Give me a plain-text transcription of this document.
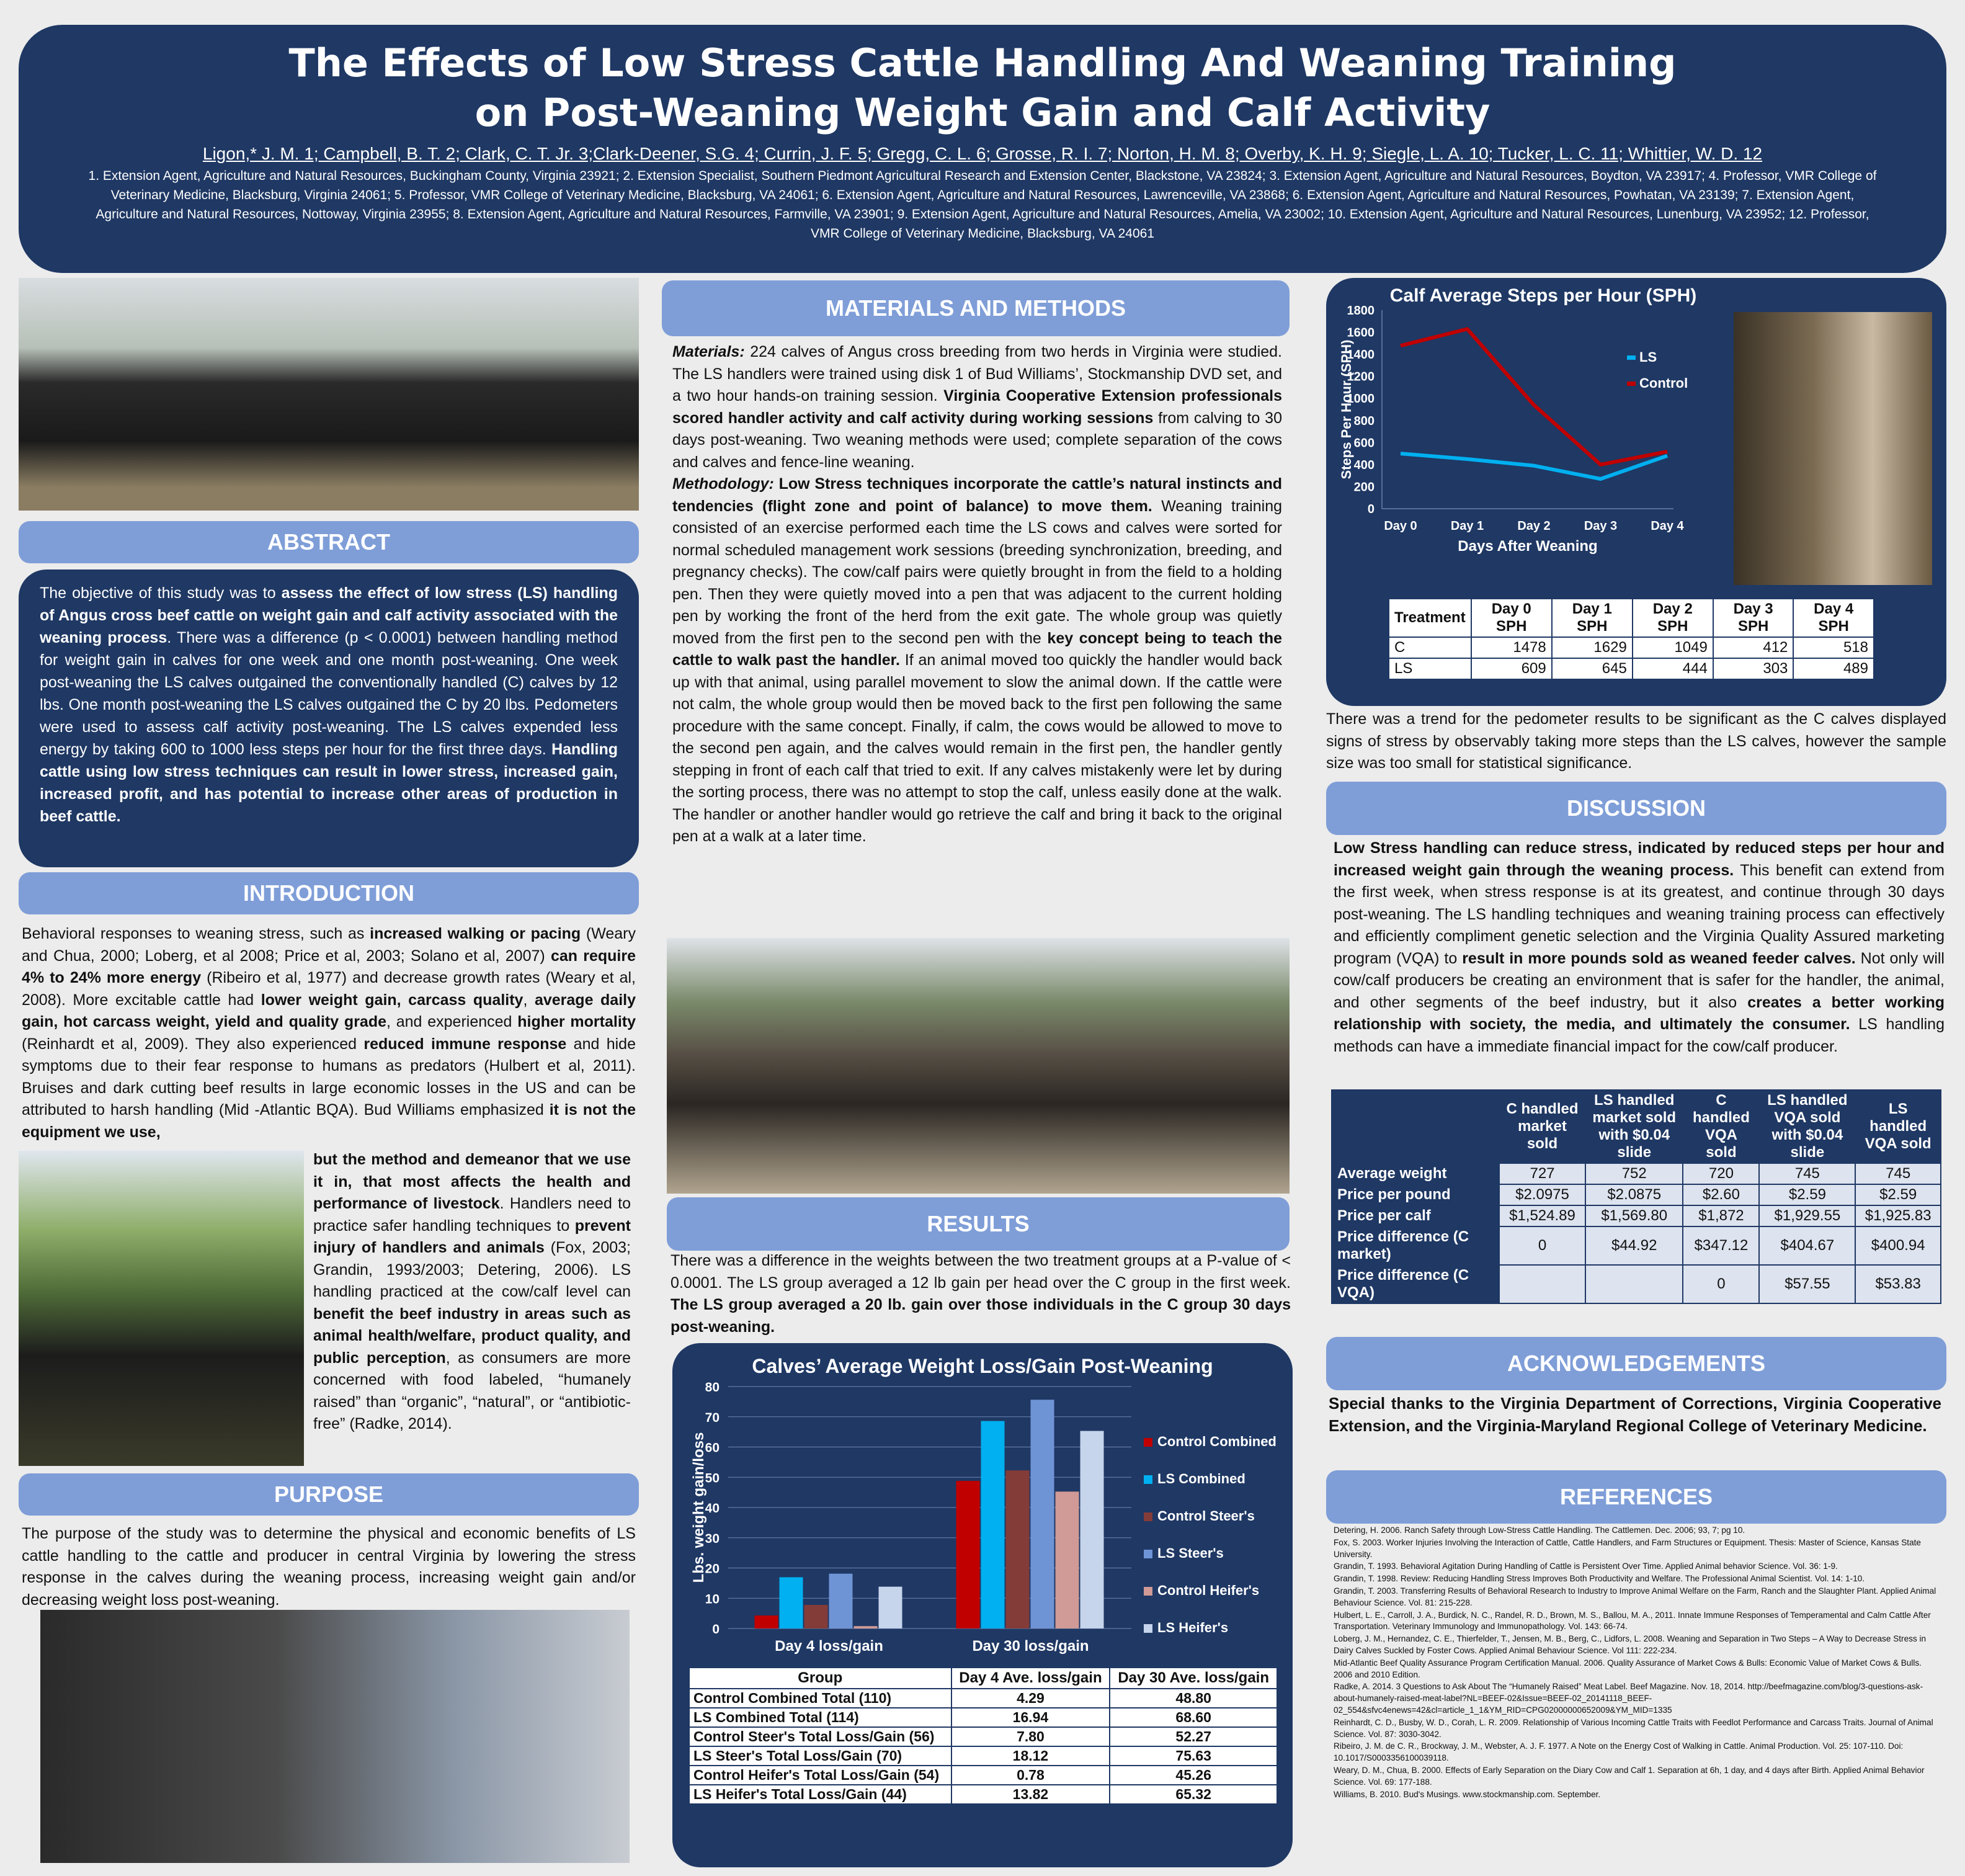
The Effects of Low Stress Cattle Handling And Weaning Training
on Post-Weaning Weight Gain and Calf Activity
Ligon,* J. M. 1; Campbell, B. T. 2; Clark, C. T. Jr. 3;Clark-Deener, S.G. 4; Currin, J. F. 5; Gregg, C. L. 6; Grosse, R. I. 7; Norton, H. M. 8; Overby, K. H. 9; Siegle, L. A. 10; Tucker, L. C. 11; Whittier, W. D. 12
1. Extension Agent, Agriculture and Natural Resources, Buckingham County, Virginia 23921; 2. Extension Specialist, Southern Piedmont Agricultural Research and Extension Center, Blackstone, VA 23824; 3. Extension Agent, Agriculture and Natural Resources, Boydton, VA 23917; 4. Professor, VMR College of Veterinary Medicine, Blacksburg, Virginia 24061; 5. Professor, VMR College of Veterinary Medicine, Blacksburg, VA 24061; 6. Extension Agent, Agriculture and Natural Resources, Lawrenceville, VA 23868; 6. Extension Agent, Agriculture and Natural Resources, Powhatan, VA 23139; 7. Extension Agent, Agriculture and Natural Resources, Nottoway, Virginia 23955; 8. Extension Agent, Agriculture and Natural Resources, Farmville, VA 23901; 9. Extension Agent, Agriculture and Natural Resources, Amelia, VA 23002; 10. Extension Agent, Agriculture and Natural Resources, Lunenburg, VA 23952; 12. Professor, VMR College of Veterinary Medicine, Blacksburg, VA 24061
ABSTRACT
The objective of this study was to assess the effect of low stress (LS) handling of Angus cross beef cattle on weight gain and calf activity associated with the weaning process. There was a difference (p < 0.0001) between handling method for weight gain in calves for one week and one month post-weaning. One week post-weaning the LS calves outgained the conventionally handled (C) calves by 12 lbs. One month post-weaning the LS calves outgained the C by 20 lbs. Pedometers were used to assess calf activity post-weaning. The LS calves expended less energy by taking 600 to 1000 less steps per hour for the first three days. Handling cattle using low stress techniques can result in lower stress, increased gain, increased profit, and has potential to increase other areas of production in beef cattle.
INTRODUCTION
Behavioral responses to weaning stress, such as increased walking or pacing (Weary and Chua, 2000; Loberg, et al 2008; Price et al, 2003; Solano et al, 2007) can require 4% to 24% more energy (Ribeiro et al, 1977) and decrease growth rates (Weary et al, 2008). More excitable cattle had lower weight gain, carcass quality, average daily gain, hot carcass weight, yield and quality grade, and experienced higher mortality (Reinhardt et al, 2009). They also experienced reduced immune response and hide symptoms due to their fear response to humans as predators (Hulbert et al, 2011). Bruises and dark cutting beef results in large economic losses in the US and can be attributed to harsh handling (Mid -Atlantic BQA). Bud Williams emphasized it is not the equipment we use,
but the method and demeanor that we use it in, that most affects the health and performance of livestock. Handlers need to practice safer handling techniques to prevent injury of handlers and animals (Fox, 2003; Grandin, 1993/2003; Detering, 2006). LS handling practiced at the cow/calf level can benefit the beef industry in areas such as animal health/welfare, product quality, and public perception, as consumers are more concerned with food labeled, “humanely raised” than “organic”, “natural”, or “antibiotic-free” (Radke, 2014).
PURPOSE
The purpose of the study was to determine the physical and economic benefits of LS cattle handling to the cattle and producer in central Virginia by lowering the stress response in the calves during the weaning process, increasing weight gain and/or decreasing weight loss post-weaning.
MATERIALS AND METHODS
Materials: 224 calves of Angus cross breeding from two herds in Virginia were studied. The LS handlers were trained using disk 1 of Bud Williams’, Stockmanship DVD set, and a two hour hands-on training session. Virginia Cooperative Extension professionals scored handler activity and calf activity during working sessions from calving to 30 days post-weaning. Two weaning methods were used; complete separation of the cows and calves and fence-line weaning.
Methodology: Low Stress techniques incorporate the cattle’s natural instincts and tendencies (flight zone and point of balance) to move them. Weaning training consisted of an exercise performed each time the LS cows and calves were sorted for normal scheduled management work sessions (breeding synchronization, breeding, and pregnancy checks). The cow/calf pairs were quietly brought in from the field to a holding pen. Then they were quietly moved into a pen that was adjacent to the current holding pen by working the front of the herd from the exit gate. The whole group was quietly moved from the first pen to the second pen with the key concept being to teach the cattle to walk past the handler. If an animal moved too quickly the handler would back up with that animal, using parallel movement to slow the animal down. If the cattle were not calm, the whole group would then be moved back to the first pen following the same procedure with the same concept. Finally, if calm, the cows would be allowed to move to the second pen again, and the calves would remain in the first pen, the handler gently stepping in front of each calf that tried to exit. If any calves mistakenly were let by during the sorting process, there was no attempt to stop the calf, unless easily done at the walk. The handler or another handler would go retrieve the calf and bring it back to the original pen at a walk at a later time.
RESULTS
There was a difference in the weights between the two treatment groups at a P-value of < 0.0001. The LS group averaged a 12 lb gain per head over the C group in the first week. The LS group averaged a 20 lb. gain over those individuals in the C group 30 days post-weaning.
Calves’ Average Weight Loss/Gain Post-Weaning
0
10
20
30
40
50
60
70
80
Lbs. weight gain/loss
Day 4 loss/gain	Day 30 loss/gain
Control Combined
LS Combined
Control Steer's
LS Steer's
Control Heifer's
LS Heifer's
Group	Day 4 Ave. loss/gain	Day 30 Ave. loss/gain
Control Combined Total (110)	4.29	48.80
LS Combined Total (114)	16.94	68.60
Control Steer's Total Loss/Gain (56)	7.80	52.27
LS Steer's Total Loss/Gain (70)	18.12	75.63
Control Heifer's Total Loss/Gain (54)	0.78	45.26
LS Heifer's Total Loss/Gain (44)	13.82	65.32
Calf Average Steps per Hour (SPH)
0
200
400
600
800
1000
1200
1400
1600
1800
Steps Per Hour (SPH)
Day 0	Day 1	Day 2	Day 3	Day 4
Days After Weaning
LS
Control
Treatment	Day 0 SPH	Day 1 SPH	Day 2 SPH	Day 3 SPH	Day 4 SPH
C	1478	1629	1049	412	518
LS	609	645	444	303	489
There was a trend for the pedometer results to be significant as the C calves displayed signs of stress by observably taking more steps than the LS calves, however the sample size was too small for statistical significance.
DISCUSSION
Low Stress handling can reduce stress, indicated by reduced steps per hour and increased weight gain through the weaning process. This benefit can extend from the first week, when stress response is at its greatest, and continue through 30 days post-weaning. The LS handling techniques and weaning training process can effectively and efficiently compliment genetic selection and the Virginia Quality Assured marketing program (VQA) to result in more pounds sold as weaned feeder calves. Not only will cow/calf producers be creating an environment that is safer for the handler, the animal, and other segments of the beef industry, but it also creates a better working relationship with society, the media, and ultimately the consumer. LS handling methods can have a immediate financial impact for the cow/calf producer.
	C handled market sold	LS handled market sold with $0.04 slide	C handled VQA sold	LS handled VQA sold with $0.04 slide	LS handled VQA sold
Average weight	727	752	720	745	745
Price per pound	$2.0975	$2.0875	$2.60	$2.59	$2.59
Price per calf	$1,524.89	$1,569.80	$1,872	$1,929.55	$1,925.83
Price difference (C market)	0	$44.92	$347.12	$404.67	$400.94
Price difference (C VQA)			0	$57.55	$53.83
ACKNOWLEDGEMENTS
Special thanks to the Virginia Department of Corrections, Virginia Cooperative Extension, and the Virginia-Maryland Regional College of Veterinary Medicine.
REFERENCES

Detering, H. 2006. Ranch Safety through Low-Stress Cattle Handling. The Cattlemen. Dec. 2006; 93, 7; pg 10.

Fox, S. 2003. Worker Injuries Involving the Interaction of Cattle, Cattle Handlers, and Farm Structures or Equipment. Thesis: Master of Science, Kansas State University.

Grandin, T. 1993. Behavioral Agitation During Handling of Cattle is Persistent Over Time. Applied Animal behavior Science. Vol. 36: 1-9.

Grandin, T. 1998. Review: Reducing Handling Stress Improves Both Productivity and Welfare. The Professional Animal Scientist. Vol. 14: 1-10.

Grandin, T. 2003. Transferring Results of Behavioral Research to Industry to Improve Animal Welfare on the Farm, Ranch and the Slaughter Plant. Applied Animal Behaviour Science. Vol. 81: 215-228.

Hulbert, L. E., Carroll, J. A., Burdick, N. C., Randel, R. D., Brown, M. S., Ballou, M. A., 2011. Innate Immune Responses of Temperamental and Calm Cattle After Transportation. Veterinary Immunology and Immunopathology. Vol. 143: 66-74.

Loberg, J. M., Hernandez, C. E., Thierfelder, T., Jensen, M. B., Berg, C., Lidfors, L. 2008. Weaning and Separation in Two Steps – A Way to Decrease Stress in Dairy Calves Suckled by Foster Cows. Applied Animal Behaviour Science. Vol 111: 222-234.

Mid-Atlantic Beef Quality Assurance Program Certification Manual. 2006. Quality Assurance of Market Cows & Bulls: Economic Value of Market Cows & Bulls. 2006 and 2010 Edition.

Radke, A. 2014. 3 Questions to Ask About The “Humanely Raised” Meat Label. Beef Magazine. Nov. 18, 2014. http://beefmagazine.com/blog/3-questions-ask-about-humanely-raised-meat-label?NL=BEEF-02&Issue=BEEF-02_20141118_BEEF-02_554&sfvc4enews=42&cl=article_1_1&YM_RID=CPG02000000652009&YM_MID=1335

Reinhardt, C. D., Busby, W. D., Corah, L. R. 2009. Relationship of Various Incoming Cattle Traits with Feedlot Performance and Carcass Traits. Journal of Animal Science. Vol. 87: 3030-3042.

Ribeiro, J. M. de C. R., Brockway, J. M., Webster, A. J. F. 1977. A Note on the Energy Cost of Walking in Cattle. Animal Production. Vol. 25: 107-110. Doi: 10.1017/S0003356100039118.

Weary, D. M., Chua, B. 2000. Effects of Early Separation on the Diary Cow and Calf 1. Separation at 6h, 1 day, and 4 days after Birth. Applied Animal Behavior Science. Vol. 69: 177-188.

Williams, B. 2010. Bud's Musings. www.stockmanship.com. September.
